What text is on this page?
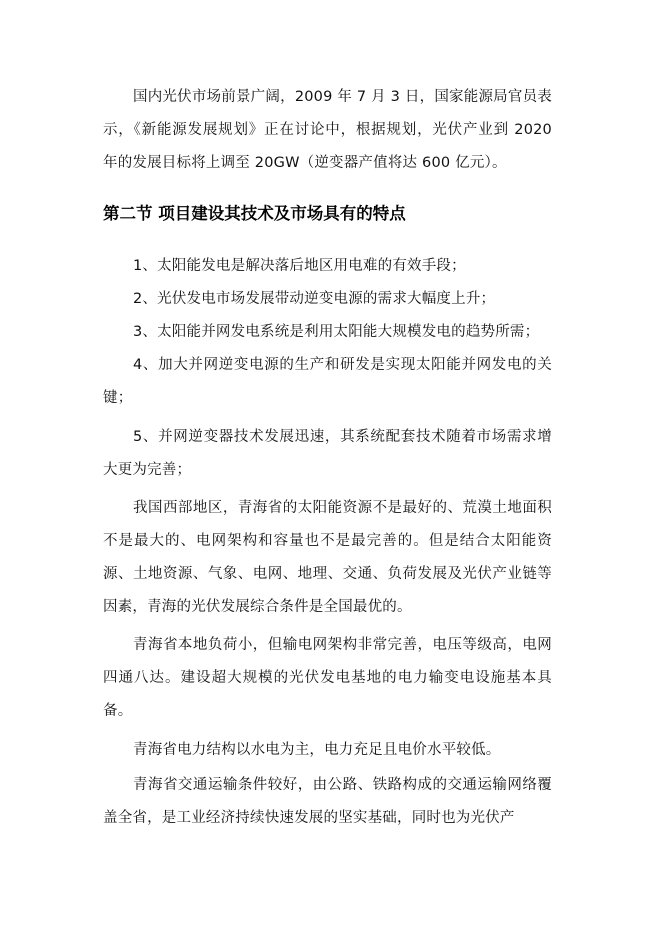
国内光伏市场前景广阔，2009 年 7 月 3 日，国家能源局官员表示，《新能源发展规划》正在讨论中，根据规划，光伏产业到 2020 年的发展目标将上调至 20GW（逆变器产值将达 600 亿元）。

第二节 项目建设其技术及市场具有的特点

1、太阳能发电是解决落后地区用电难的有效手段；

2、光伏发电市场发展带动逆变电源的需求大幅度上升；

3、太阳能并网发电系统是利用太阳能大规模发电的趋势所需；

4、加大并网逆变电源的生产和研发是实现太阳能并网发电的关键；

5、并网逆变器技术发展迅速，其系统配套技术随着市场需求增大更为完善；

我国西部地区，青海省的太阳能资源不是最好的、荒漠土地面积不是最大的、电网架构和容量也不是最完善的。但是结合太阳能资源、土地资源、气象、电网、地理、交通、负荷发展及光伏产业链等因素，青海的光伏发展综合条件是全国最优的。

青海省本地负荷小，但输电网架构非常完善，电压等级高，电网四通八达。建设超大规模的光伏发电基地的电力输变电设施基本具备。

青海省电力结构以水电为主，电力充足且电价水平较低。

青海省交通运输条件较好，由公路、铁路构成的交通运输网络覆盖全省，是工业经济持续快速发展的坚实基础，同时也为光伏产
